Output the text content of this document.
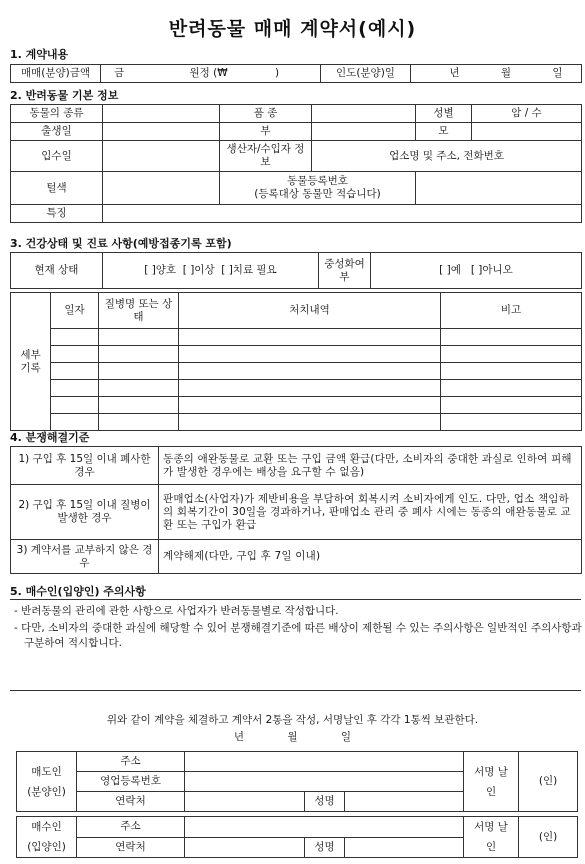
반려동물 매매 계약서(예시)
1. 계약내용
매매(분양)금액	금	원정 (₩	)	인도(분양)일	년	월	일
2. 반려동물 기본 정보
동물의 종류		품 종		성별	암 / 수
출생일		부		모	
입수일		생산자/수입자 정보	업소명 및 주소, 전화번호		
털색		동물등록번호
(등록대상 동물만 적습니다)			

특징					
3. 건강상태 및 진료 사항(예방접종기록 포함)
현재 상태	[ ]양호  [ ]이상  [ ]치료 필요	중성화여부	[ ]예   [ ]아니오
세부 기록	일자	질병명 또는 상태	처치내역	비고

4. 분쟁해결기준
1) 구입 후 15일 이내 폐사한 경우	동종의 애완동물로 교환 또는 구입 금액 환급(다만, 소비자의 중대한 과실로 인하여 피해가 발생한 경우에는 배상을 요구할 수 없음)
2) 구입 후 15일 이내 질병이 발생한 경우	판매업소(사업자)가 제반비용을 부담하여 회복시켜 소비자에게 인도. 다만, 업소 책임하의 회복기간이 30일을 경과하거나, 판매업소 관리 중 폐사 시에는 동종의 애완동물로 교환 또는 구입가 환급
3) 계약서를 교부하지 않은 경우	계약해제(다만, 구입 후 7일 이내)
5. 매수인(입양인) 주의사항
- 반려동물의 관리에 관한 사항으로 사업자가 반려동물별로 작성합니다.
- 다만, 소비자의 중대한 과실에 해당할 수 있어 분쟁해결기준에 따른 배상이 제한될 수 있는 주의사항은 일반적인 주의사항과 구분하여 적시합니다.
위와 같이 계약을 체결하고 계약서 2통을 작성, 서명날인 후 각각 1통씩 보관한다.
년	월	일
매도인 (분양인)	주소				서명 날인	(인)
	영업등록번호					
	연락처		성명			

매수인 (입양인)	주소				서명 날인	(인)
	연락처		성명			
